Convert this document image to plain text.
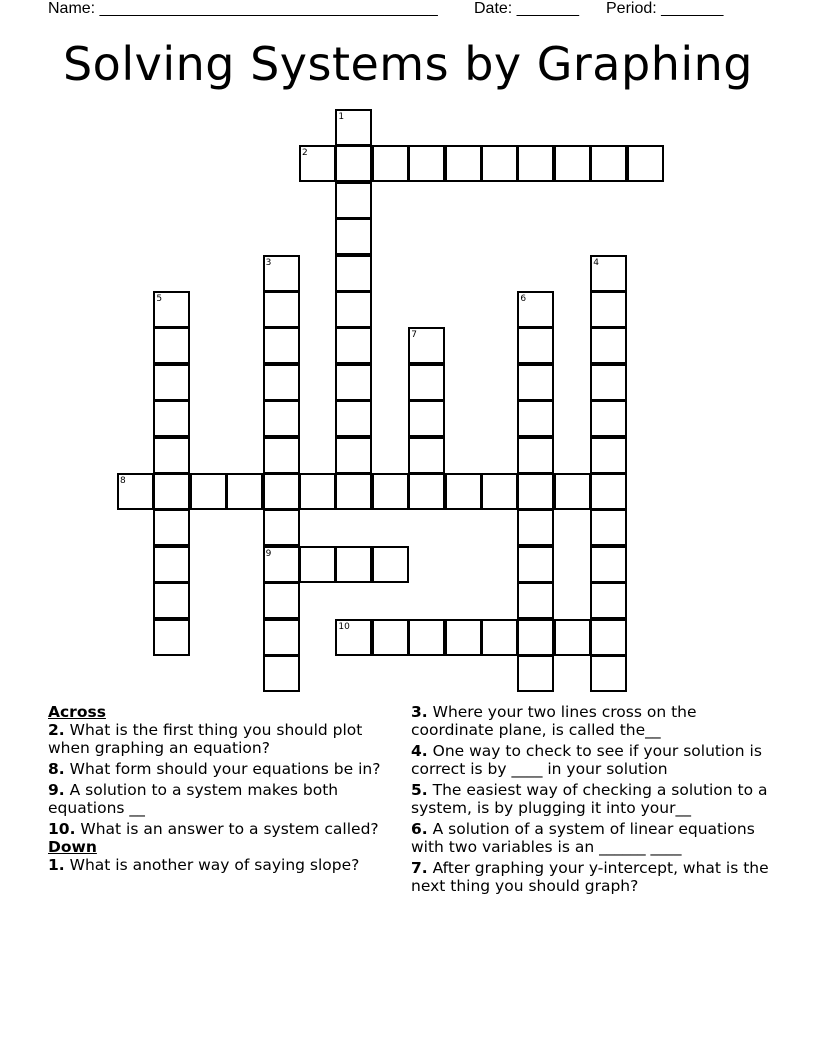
Name: ______________________________________ Date: _______ Period: _______
Solving Systems by Graphing
1
2
3	4
5	6
7
8
9
10
Across
2. What is the first thing you should plot when graphing an equation?
8. What form should your equations be in?
9. A solution to a system makes both equations __
10. What is an answer to a system called?
Down
1. What is another way of saying slope?
3. Where your two lines cross on the coordinate plane, is called the__
4. One way to check to see if your solution is correct is by ____ in your solution
5. The easiest way of checking a solution to a system, is by plugging it into your__
6. A solution of a system of linear equations with two variables is an ______ ____
7. After graphing your y-intercept, what is the next thing you should graph?
